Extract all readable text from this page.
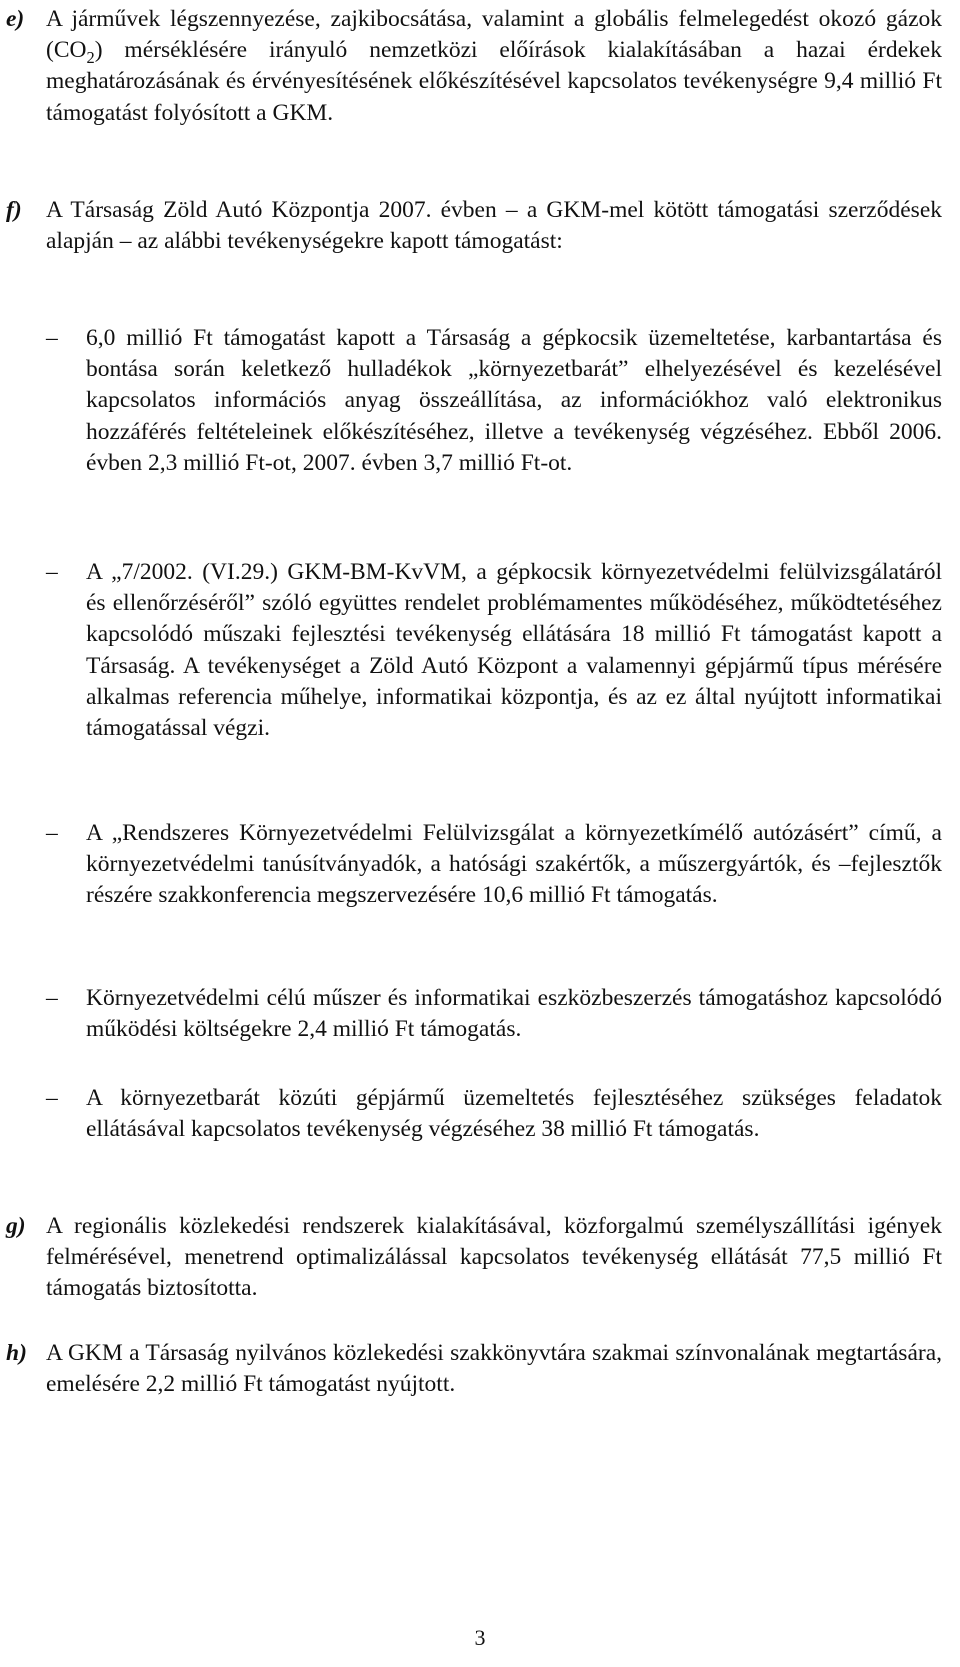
e) A járművek légszennyezése, zajkibocsátása, valamint a globális felmelegedést okozó gázok $(CO_2)$ mérséklésére irányuló nemzetközi előírások kialakításában a hazai érdekek meghatározásának és érvényesítésének előkészítésével kapcsolatos tevékenységre 9,4 millió Ft támogatást folyósított a GKM.
f) A Társaság Zöld Autó Központja 2007. évben – a GKM-mel kötött támogatási szerződések alapján – az alábbi tevékenységekre kapott támogatást:
– 6,0 millió Ft támogatást kapott a Társaság a gépkocsik üzemeltetése, karbantartása és bontása során keletkező hulladékok „környezetbarát” elhelyezésével és kezelésével kapcsolatos információs anyag összeállítása, az információkhoz való elektronikus hozzáférés feltételeinek előkészítéséhez, illetve a tevékenység végzéséhez. Ebből 2006. évben 2,3 millió Ft-ot, 2007. évben 3,7 millió Ft-ot.
– A „7/2002. (VI.29.) GKM-BM-KvVM, a gépkocsik környezetvédelmi felülvizsgálatáról és ellenőrzéséről” szóló együttes rendelet problémamentes működéséhez, működtetéséhez kapcsolódó műszaki fejlesztési tevékenység ellátására 18 millió Ft támogatást kapott a Társaság. A tevékenységet a Zöld Autó Központ a valamennyi gépjármű típus mérésére alkalmas referencia műhelye, informatikai központja, és az ez által nyújtott informatikai támogatással végzi.
– A „Rendszeres Környezetvédelmi Felülvizsgálat a környezetkímélő autózásért” című, a környezetvédelmi tanúsítványadók, a hatósági szakértők, a műszergyártók, és –fejlesztők részére szakkonferencia megszervezésére 10,6 millió Ft támogatás.
– Környezetvédelmi célú műszer és informatikai eszközbeszerzés támogatáshoz kapcsolódó működési költségekre 2,4 millió Ft támogatás.
– A környezetbarát közúti gépjármű üzemeltetés fejlesztéséhez szükséges feladatok ellátásával kapcsolatos tevékenység végzéséhez 38 millió Ft támogatás.
g) A regionális közlekedési rendszerek kialakításával, közforgalmú személyszállítási igények felmérésével, menetrend optimalizálással kapcsolatos tevékenység ellátását 77,5 millió Ft támogatás biztosította.
h) A GKM a Társaság nyilvános közlekedési szakkönyvtára szakmai színvonalának megtartására, emelésére 2,2 millió Ft támogatást nyújtott.
3
